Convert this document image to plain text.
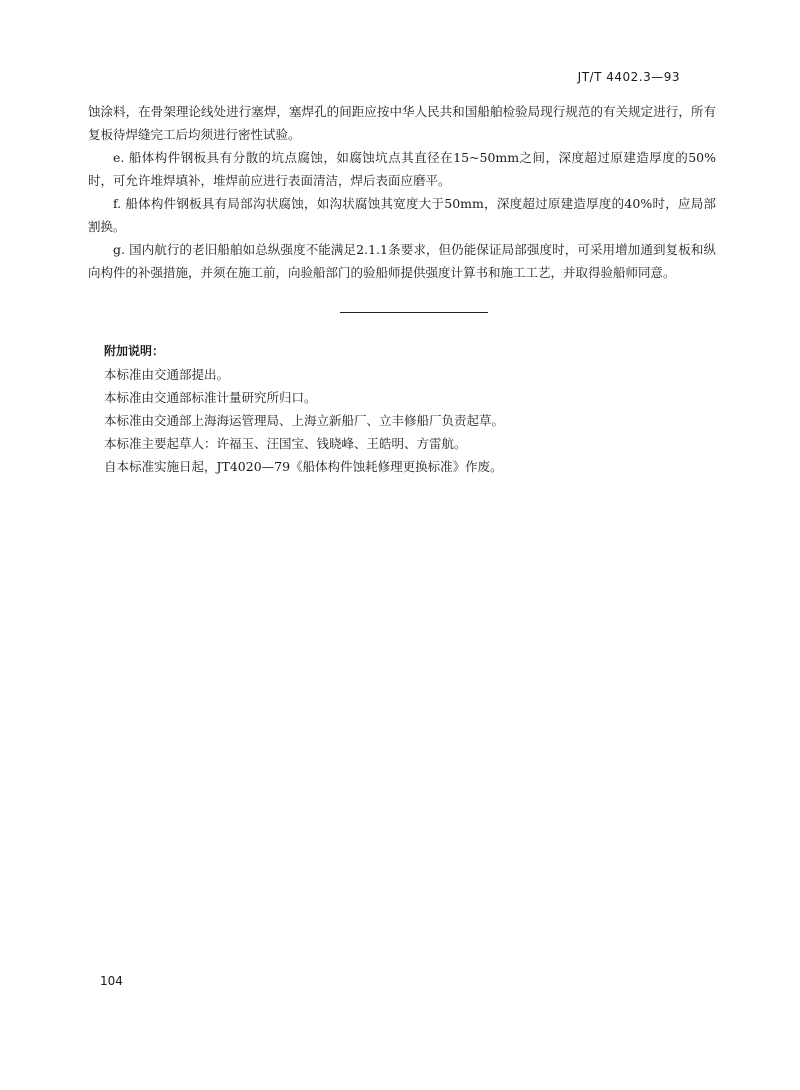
JT/T 4402.3—93

蚀涂料，在骨架理论线处进行塞焊，塞焊孔的间距应按中华人民共和国船舶检验局现行规范的有关规定进行，所有复板待焊缝完工后均须进行密性试验。

e. 船体构件钢板具有分散的坑点腐蚀，如腐蚀坑点其直径在15~50mm之间，深度超过原建造厚度的50%时，可允许堆焊填补，堆焊前应进行表面清洁，焊后表面应磨平。

f. 船体构件钢板具有局部沟状腐蚀，如沟状腐蚀其宽度大于50mm，深度超过原建造厚度的40%时，应局部割换。

g. 国内航行的老旧船舶如总纵强度不能满足2.1.1条要求，但仍能保证局部强度时，可采用增加通到复板和纵向构件的补强措施，并须在施工前，向验船部门的验船师提供强度计算书和施工工艺，并取得验船师同意。

附加说明：

本标准由交通部提出。

本标准由交通部标准计量研究所归口。

本标准由交通部上海海运管理局、上海立新船厂、立丰修船厂负责起草。

本标准主要起草人：许福玉、汪国宝、钱晓峰、王皓明、方雷航。

自本标准实施日起，JT4020—79《船体构件蚀耗修理更换标准》作废。

104
